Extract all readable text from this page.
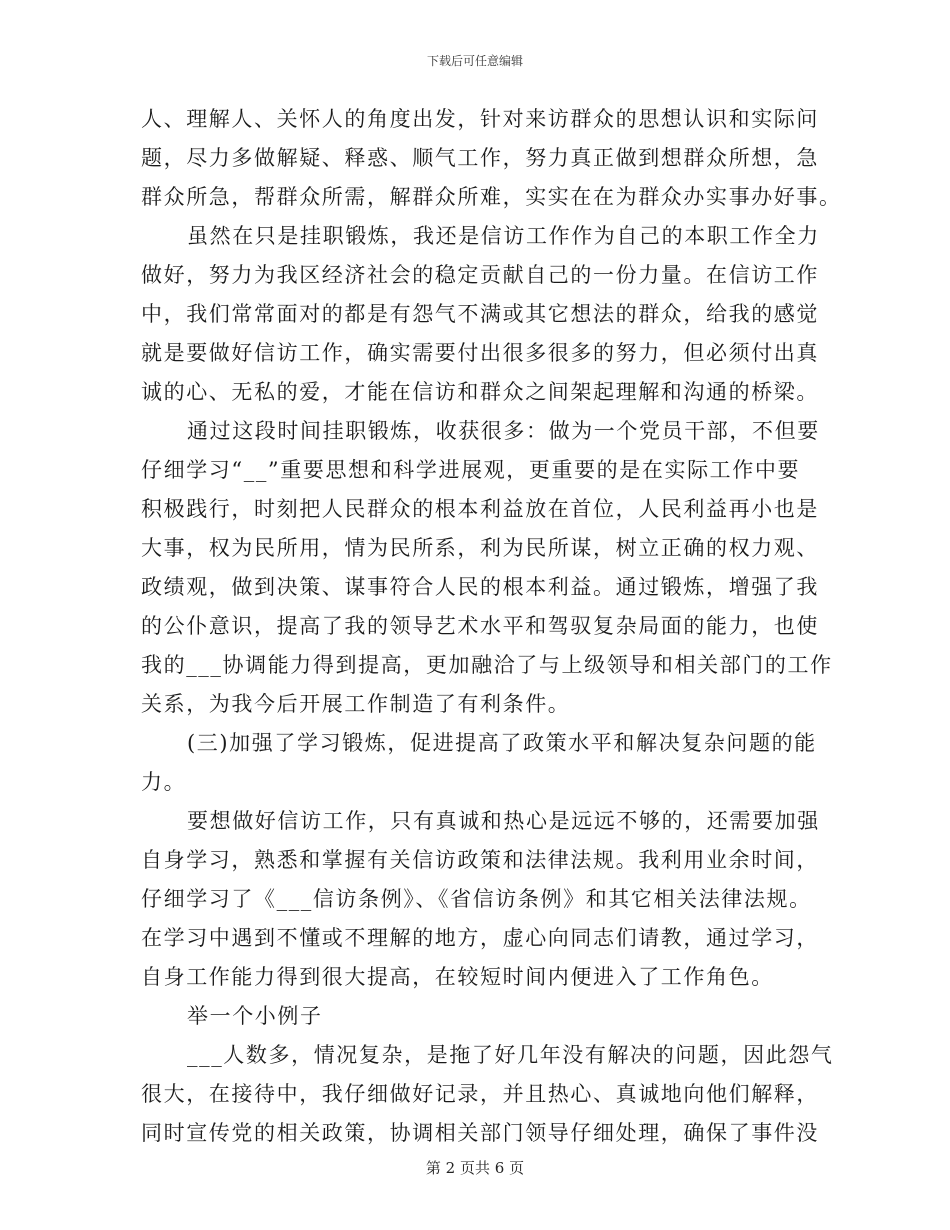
下载后可任意编辑
人、理解人、关怀人的角度出发，针对来访群众的思想认识和实际问
题，尽力多做解疑、释惑、顺气工作，努力真正做到想群众所想，急
群众所急，帮群众所需，解群众所难，实实在在为群众办实事办好事。
虽然在只是挂职锻炼，我还是信访工作作为自己的本职工作全力
做好，努力为我区经济社会的稳定贡献自己的一份力量。在信访工作
中，我们常常面对的都是有怨气不满或其它想法的群众，给我的感觉
就是要做好信访工作，确实需要付出很多很多的努力，但必须付出真
诚的心、无私的爱，才能在信访和群众之间架起理解和沟通的桥梁。
通过这段时间挂职锻炼，收获很多：做为一个党员干部，不但要
仔细学习“__”重要思想和科学进展观，更重要的是在实际工作中要
积极践行，时刻把人民群众的根本利益放在首位，人民利益再小也是
大事，权为民所用，情为民所系，利为民所谋，树立正确的权力观、
政绩观，做到决策、谋事符合人民的根本利益。通过锻炼，增强了我
的公仆意识，提高了我的领导艺术水平和驾驭复杂局面的能力，也使
我的___协调能力得到提高，更加融洽了与上级领导和相关部门的工作
关系，为我今后开展工作制造了有利条件。
(三)加强了学习锻炼，促进提高了政策水平和解决复杂问题的能
力。
要想做好信访工作，只有真诚和热心是远远不够的，还需要加强
自身学习，熟悉和掌握有关信访政策和法律法规。我利用业余时间，
仔细学习了《___信访条例》、《省信访条例》和其它相关法律法规。
在学习中遇到不懂或不理解的地方，虚心向同志们请教，通过学习，
自身工作能力得到很大提高，在较短时间内便进入了工作角色。
举一个小例子
___人数多，情况复杂，是拖了好几年没有解决的问题，因此怨气
很大，在接待中，我仔细做好记录，并且热心、真诚地向他们解释，
同时宣传党的相关政策，协调相关部门领导仔细处理，确保了事件没
第 2 页共 6 页
